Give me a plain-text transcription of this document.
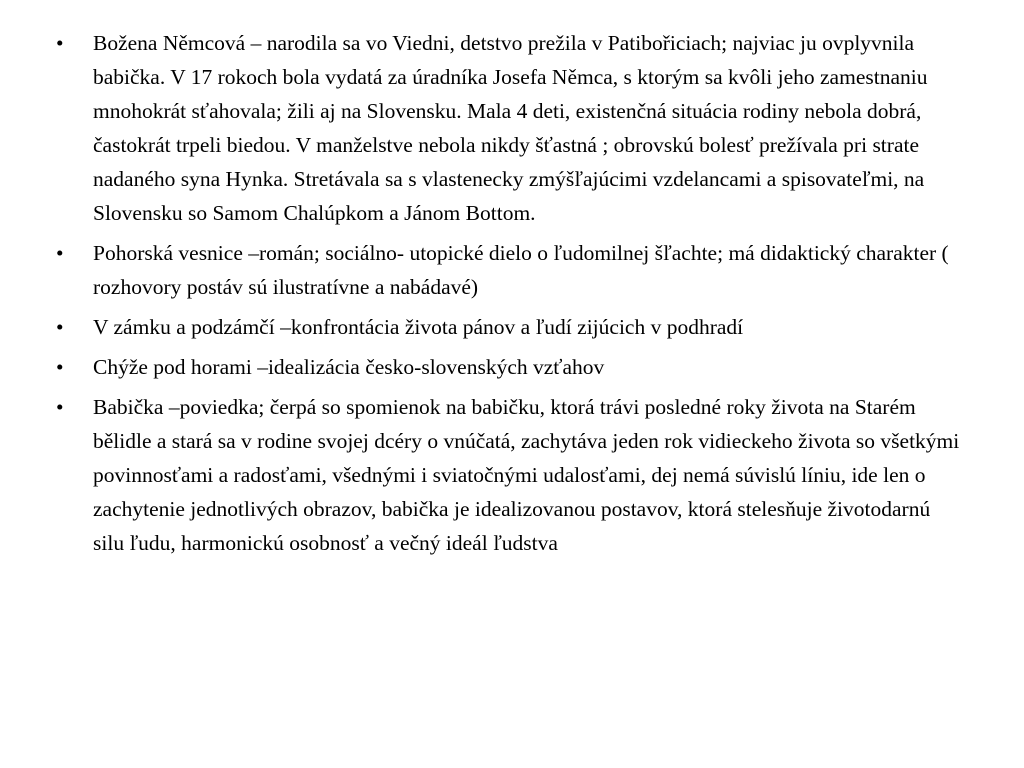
•	Božena Němcová – narodila sa vo Viedni, detstvo prežila v Patibořiciach; najviac ju ovplyvnila babička. V 17 rokoch bola vydatá za úradníka Josefa Němca, s ktorým sa kvôli jeho zamestnaniu mnohokrát sťahovala; žili aj na Slovensku. Mala 4 deti, existenčná situácia rodiny nebola dobrá, častokrát trpeli biedou. V manželstve nebola nikdy šťastná ; obrovskú bolesť prežívala pri strate nadaného syna Hynka. Stretávala sa s vlastenecky zmýšľajúcimi vzdelancami a spisovateľmi, na Slovensku so Samom Chalúpkom a Jánom Bottom.
•	Pohorská vesnice –román; sociálno- utopické dielo o ľudomilnej šľachte; má didaktický charakter ( rozhovory postáv sú ilustratívne a nabádavé)
•	V zámku a podzámčí –konfrontácia života pánov a ľudí zijúcich v podhradí
•	Chýže pod horami –idealizácia česko-slovenských vzťahov
•	Babička –poviedka; čerpá so spomienok na babičku, ktorá trávi posledné roky života na Starém bělidle a stará sa v rodine svojej dcéry o vnúčatá, zachytáva jeden rok vidieckeho života so všetkými povinnosťami a radosťami, všednými i sviatočnými udalosťami, dej nemá súvislú líniu, ide len o zachytenie jednotlivých obrazov, babička je idealizovanou postavov, ktorá stelesňuje životodarnú silu ľudu, harmonickú osobnosť a večný ideál ľudstva
